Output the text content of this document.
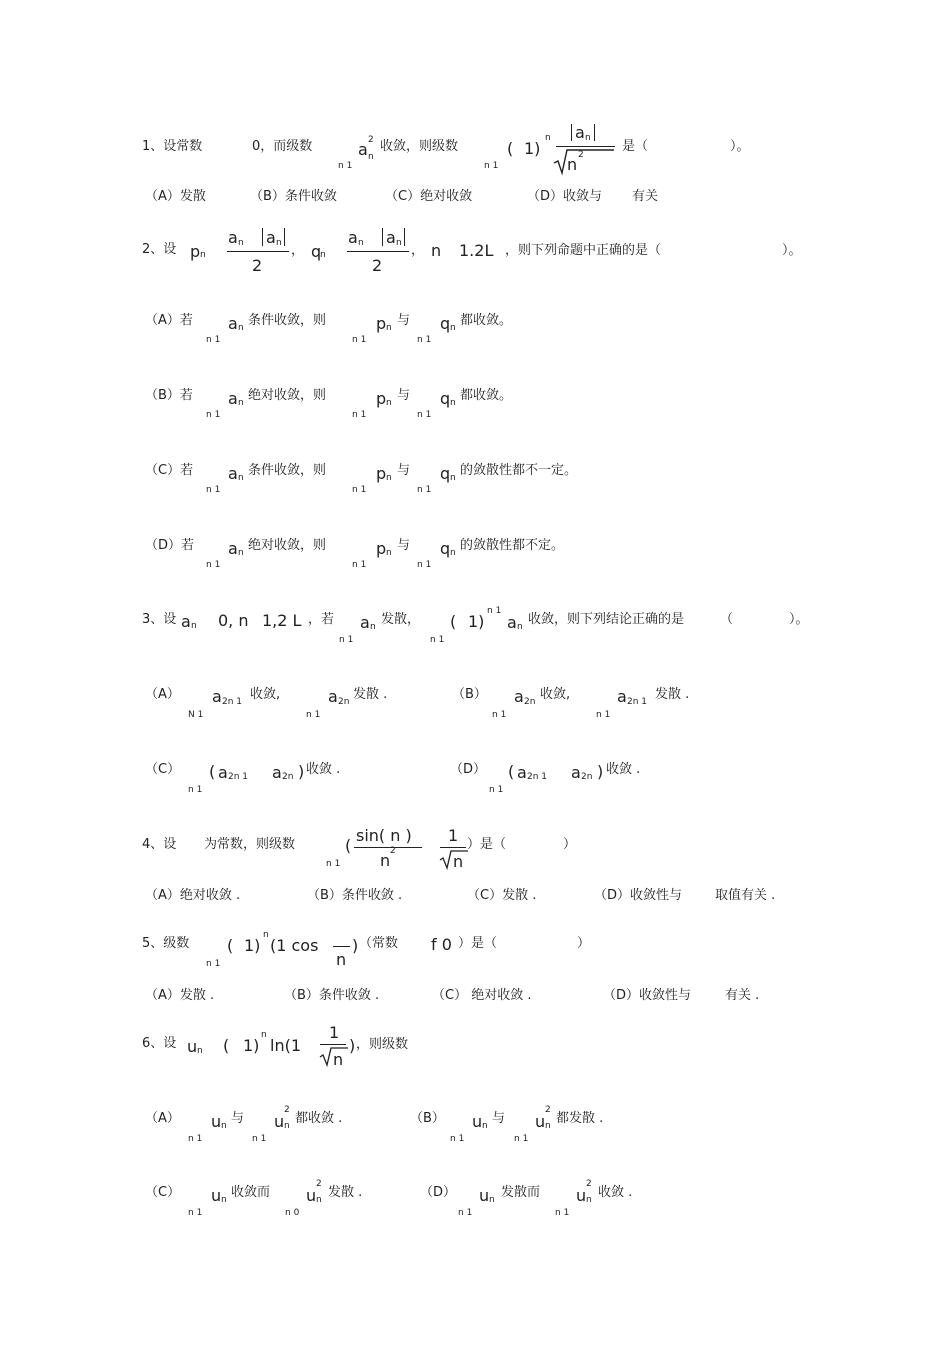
1、设常数	0，而级数	a n
2
n 1
收敛，则级数
n 1
( 1)
n a n
n 2
是（	）。
（A）发散	（B）条件收敛	（C）绝对收敛	（D）收敛与 有关
2、设 p n
a n a n
2
， q
n
a n a n
2
， n 1.2L ，则下列命题中正确的是（	）。
（A）若
n 1
a n 条件收敛，则
n 1
p n 与
n 1
q n 都收敛。
（B）若
n 1
a n 绝对收敛，则
n 1
p n 与
n 1
q n 都收敛。
（C）若
n 1
a n 条件收敛，则
n 1
p n 与
n 1
q n 的敛散性都不一定。
（D）若
n 1
a n 绝对收敛，则
n 1
p n 与
n 1
q n 的敛散性都不定。
3、设 a n 0, n 1,2 L ，若
n 1
a n 发散，
n 1
( 1)
n 1
a n 收敛，则下列结论正确的是	（	）。
（A）
N 1
a 2n 1 收敛,
n 1
a 2n 发散 .	（B）
n 1
a 2n 收敛,
n 1
a 2n 1 发散 .
（C）
n 1
( a 2n 1 a 2n ) 收敛 .	（D）
n 1
( a 2n 1 a 2n ) 收敛 .
4、设 为常数，则级数
n 1
(
sin( n )
n 2
1
n
）是（	）
（A）绝对收敛 .	（B）条件收敛 .	（C）发散 .	（D）收敛性与	取值有关 .
5、级数
n 1
( 1)
n
(1 cos
n
) （常数 f 0 ）是（	）
（A）发散 .	（B）条件收敛 .	（C） 绝对收敛 .	（D）收敛性与	有关 .
6、设 u n ( 1)
n
ln(1
1
n
) ，则级数
（A）
n 1
u n 与
n 1
u n
2
都收敛 .	（B）
n 1
u n 与
n 1
u n
2
都发散 .
（C）
n 1
u n 收敛而
n 0
u n
2
发散 .	（D）
n 1
u n 发散而
n 1
u n
2
收敛 .
